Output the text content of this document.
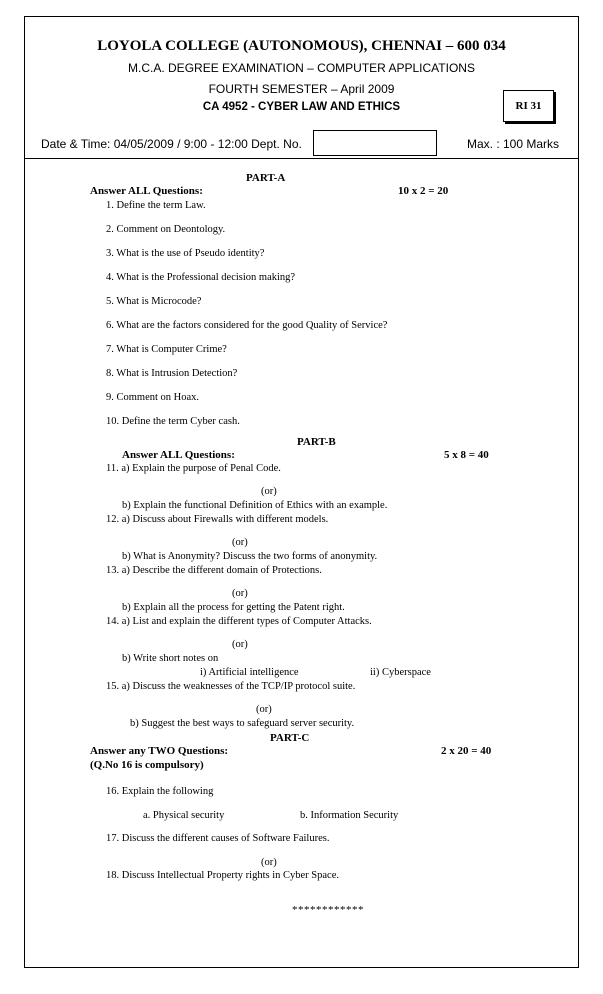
LOYOLA COLLEGE (AUTONOMOUS), CHENNAI – 600 034
M.C.A. DEGREE EXAMINATION – COMPUTER APPLICATIONS
FOURTH SEMESTER – April 2009
CA 4952 - CYBER LAW AND ETHICS	RI 31
Date & Time: 04/05/2009 / 9:00 - 12:00 Dept. No.	Max. : 100 Marks
PART-A
Answer ALL Questions:	10 x 2 = 20
1. Define the term Law.
2. Comment on Deontology.
3. What is the use of Pseudo identity?
4. What is the Professional decision making?
5. What is Microcode?
6. What are the factors considered for the good Quality of Service?
7. What is Computer Crime?
8. What is Intrusion Detection?
9. Comment on Hoax.
10. Define the term Cyber cash.
PART-B
Answer ALL Questions:	5 x 8 = 40
11. a) Explain the purpose of Penal Code.
(or)
b) Explain the functional Definition of Ethics with an example.
12. a) Discuss about Firewalls with different models.
(or)
b) What is Anonymity? Discuss the two forms of anonymity.
13. a) Describe the different domain of Protections.
(or)
b) Explain all the process for getting the Patent right.
14. a) List and explain the different types of Computer Attacks.
(or)
b) Write short notes on
i) Artificial intelligence	ii) Cyberspace
15. a) Discuss the weaknesses of the TCP/IP protocol suite.
(or)
b) Suggest the best ways to safeguard server security.
PART-C
Answer any TWO Questions:	2 x 20 = 40
(Q.No 16 is compulsory)
16. Explain the following
a. Physical security	b. Information Security
17. Discuss the different causes of Software Failures.
(or)
18. Discuss Intellectual Property rights in Cyber Space.
************
